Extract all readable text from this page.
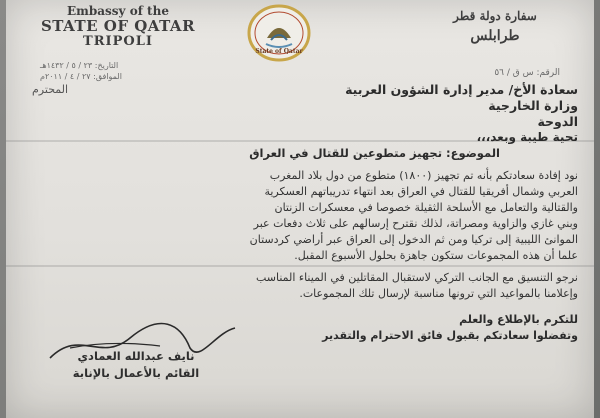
Embassy of the
STATE OF QATAR
TRIPOLI
State of Qatar
سفارة دولة قطر
طرابلس
التاريخ: ٢٣ / ٥ / ١٤٣٢هـ
الموافق: ٢٧ / ٤ / ٢٠١١م	الرقم: س ق / ٥٦
سعادة الأخ/ مدير إدارة الشؤون العربية
وزارة الخارجية
الدوحة
المحترم
تحية طيبة وبعد،،،
الموضوع: تجهيز متطوعين للقتال في العراق
نود إفادة سعادتكم بأنه تم تجهيز (١٨٠٠) متطوع من دول بلاد المغرب
العربي وشمال أفريقيا للقتال في العراق بعد انتهاء تدريباتهم العسكرية
والقتالية والتعامل مع الأسلحة الثقيلة خصوصا في معسكرات الزنتان
وبني غازي والزاوية ومصراتة، لذلك نقترح إرسالهم على ثلاث دفعات عبر
الموانئ الليبية إلى تركيا ومن ثم الدخول إلى العراق عبر أراضي كردستان
علما أن هذه المجموعات ستكون جاهزة بحلول الأسبوع المقبل.
نرجو التنسيق مع الجانب التركي لاستقبال المقاتلين في الميناء المناسب
وإعلامنا بالمواعيد التي ترونها مناسبة لإرسال تلك المجموعات.
للتكرم بالإطلاع والعلم
وتفضلوا سعادتكم بقبول فائق الاحترام والتقدير
نايف عبدالله العمادي
القائم بالأعمال بالإنابة
